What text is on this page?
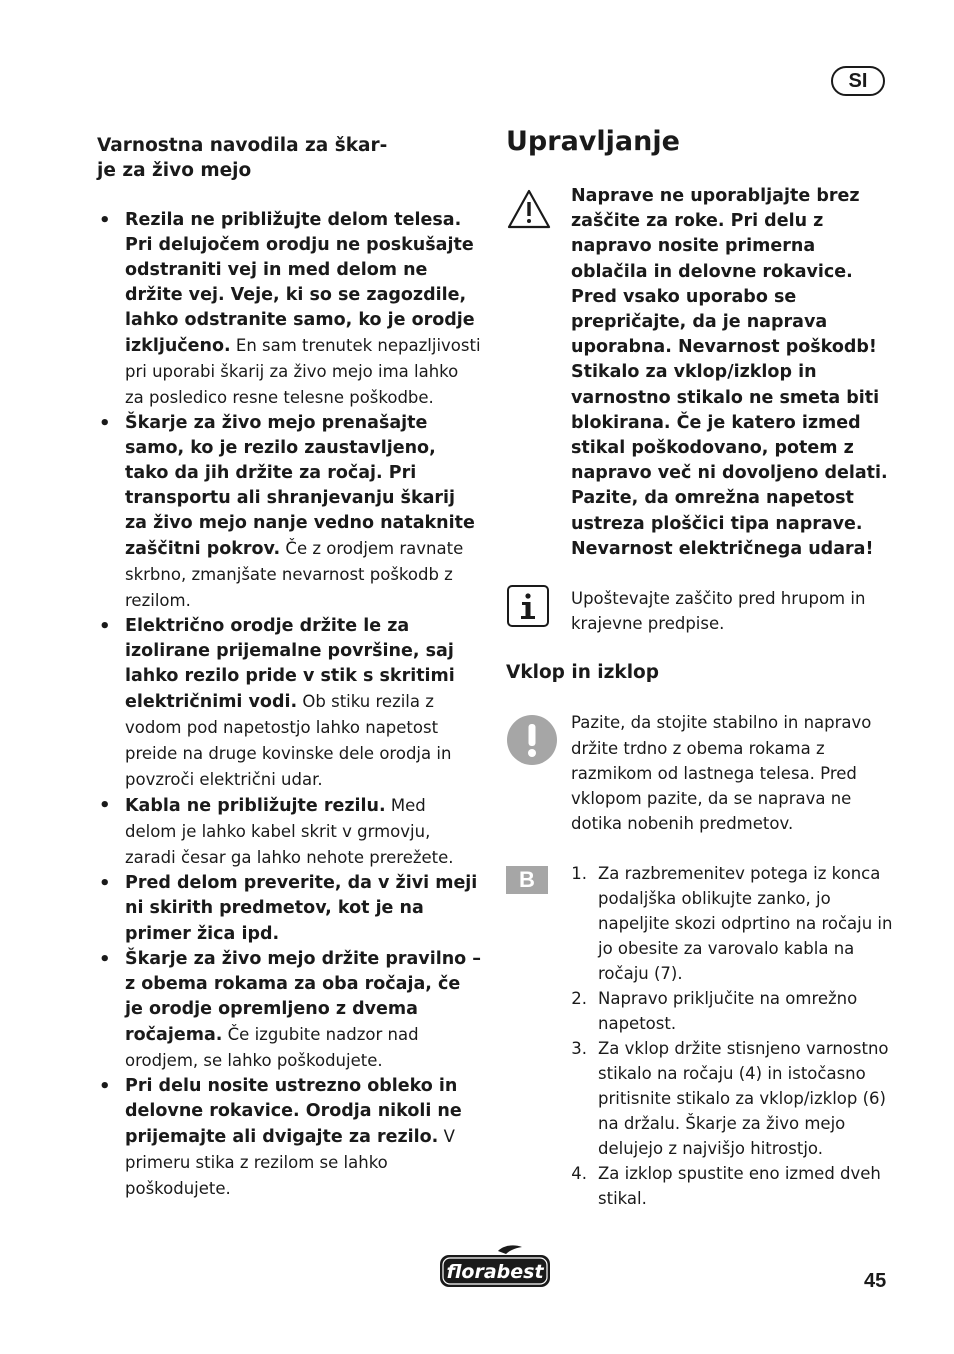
SI
Varnostna navodila za škar-
je za živo mejo
• Rezila ne približujte delom telesa. Pri delujočem orodju ne poskušajte odstraniti vej in med delom ne držite vej. Veje, ki so se zagozdile, lahko odstranite samo, ko je orodje izključeno. En sam trenutek nepazljivosti pri uporabi škarij za živo mejo ima lahko za posledico resne telesne poškodbe.
• Škarje za živo mejo prenašajte samo, ko je rezilo zaustavljeno, tako da jih držite za ročaj. Pri transportu ali shranjevanju škarij za živo mejo nanje vedno nataknite zaščitni pokrov. Če z orodjem ravnate skrbno, zmanjšate nevarnost poškodb z rezilom.
• Električno orodje držite le za izolirane prijemalne površine, saj lahko rezilo pride v stik s skritimi električnimi vodi. Ob stiku rezila z vodom pod napetostjo lahko napetost preide na druge kovinske dele orodja in povzroči električni udar.
• Kabla ne približujte rezilu. Med delom je lahko kabel skrit v grmovju, zaradi česar ga lahko nehote prerežete.
• Pred delom preverite, da v živi meji ni skirith predmetov, kot je na primer žica ipd.
• Škarje za živo mejo držite pravilno – z obema rokama za oba ročaja, če je orodje opremljeno z dvema ročajema. Če izgubite nadzor nad orodjem, se lahko poškodujete.
• Pri delu nosite ustrezno obleko in delovne rokavice. Orodja nikoli ne prijemajte ali dvigajte za rezilo. V primeru stika z rezilom se lahko poškodujete.
Upravljanje
Naprave ne uporabljajte brez zaščite za roke. Pri delu z napravo nosite primerna oblačila in delovne rokavice. Pred vsako uporabo se prepričajte, da je naprava uporabna. Nevarnost poškodb! Stikalo za vklop/izklop in varnostno stikalo ne smeta biti blokirana. Če je katero izmed stikal poškodovano, potem z napravo več ni dovoljeno delati. Pazite, da omrežna napetost ustreza ploščici tipa naprave.
Nevarnost električnega udara!
Upoštevajte zaščito pred hrupom in krajevne predpise.
Vklop in izklop
Pazite, da stojite stabilno in napravo držite trdno z obema rokama z razmikom od lastnega telesa. Pred vklopom pazite, da se naprava ne dotika nobenih predmetov.
B	1. Za razbremenitev potega iz konca podaljška oblikujte zanko, jo napeljite skozi odprtino na ročaju in jo obesite za varovalo kabla na ročaju (7).
2. Napravo priključite na omrežno napetost.
3. Za vklop držite stisnjeno varnostno stikalo na ročaju (4) in istočasno pritisnite stikalo za vklop/izklop (6) na držalu. Škarje za živo mejo delujejo z najvišjo hitrostjo.
4. Za izklop spustite eno izmed dveh stikal.
florabest	45
